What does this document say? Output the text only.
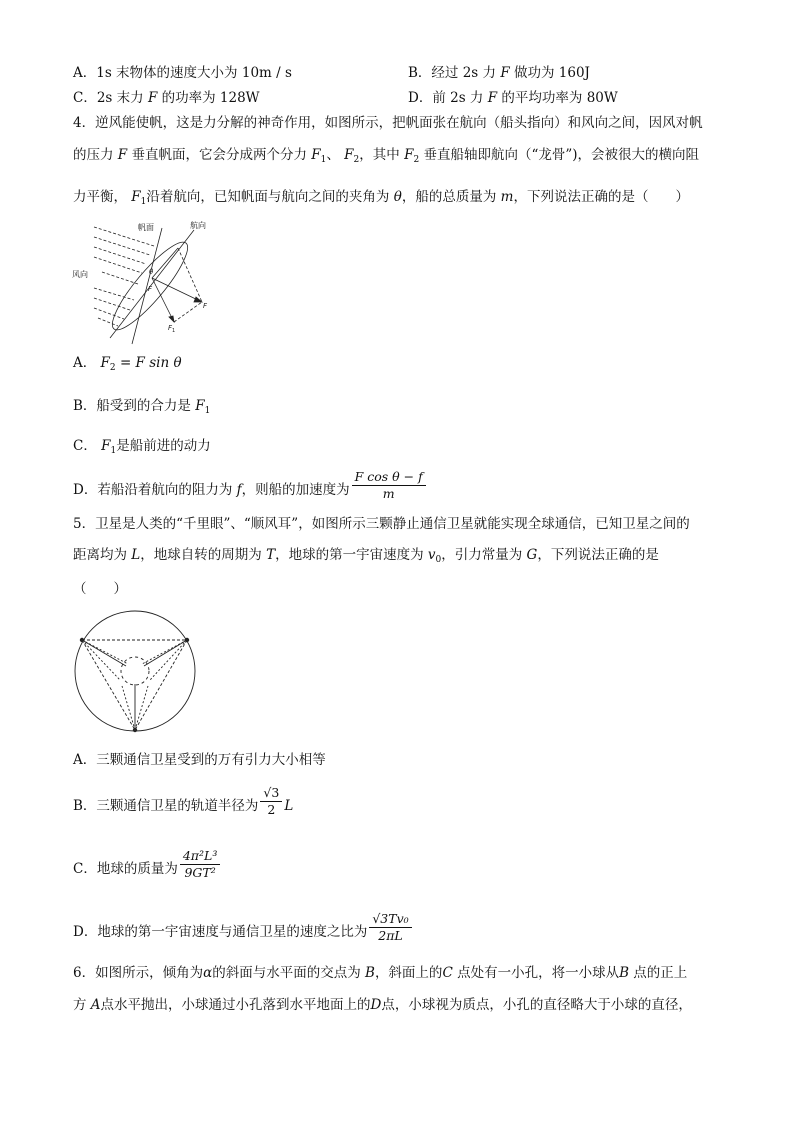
A．1s 末物体的速度大小为 10m / s	B．经过 2s 力 F 做功为 160J
C．2s 末力 F 的功率为 128W	D．前 2s 力 F 的平均功率为 80W
4．逆风能使帆，这是力分解的神奇作用，如图所示，把帆面张在航向（船头指向）和风向之间，因风对帆
的压力 F 垂直帆面，它会分成两个分力 $F_1$、 $F_2$，其中 $F_2$ 垂直船轴即航向（“龙骨”)，会被很大的横向阻
力平衡， $F_1$沿着航向，已知帆面与航向之间的夹角为 θ，船的总质量为 m，下列说法正确的是（　　）
帆面	航向
风向	θ
F
F
F 1
A． $F_2 = F$ sin θ
B．船受到的合力是 $F_1$
C． $F_1$是船前进的动力
D．若船沿着航向的阻力为 f，则船的加速度为 $\frac{\text{F cos θ − f}}{m}$
5．卫星是人类的“千里眼”、“顺风耳”，如图所示三颗静止通信卫星就能实现全球通信，已知卫星之间的
距离均为 L，地球自转的周期为 T，地球的第一宇宙速度为 $v_0$，引力常量为 G，下列说法正确的是
（　　）
A．三颗通信卫星受到的万有引力大小相等
B．三颗通信卫星的轨道半径为 $\frac{√3}{2}$ L
C．地球的质量为 $\frac{\text{4π²L³}}{\text{9GT²}}$
D．地球的第一宇宙速度与通信卫星的速度之比为 $\frac{\text{√3Tv₀}}{2\pi L}$
6．如图所示，倾角为α的斜面与水平面的交点为 B，斜面上的C 点处有一小孔，将一小球从B 点的正上
方 A点水平抛出，小球通过小孔落到水平地面上的D点，小球视为质点，小孔的直径略大于小球的直径，
